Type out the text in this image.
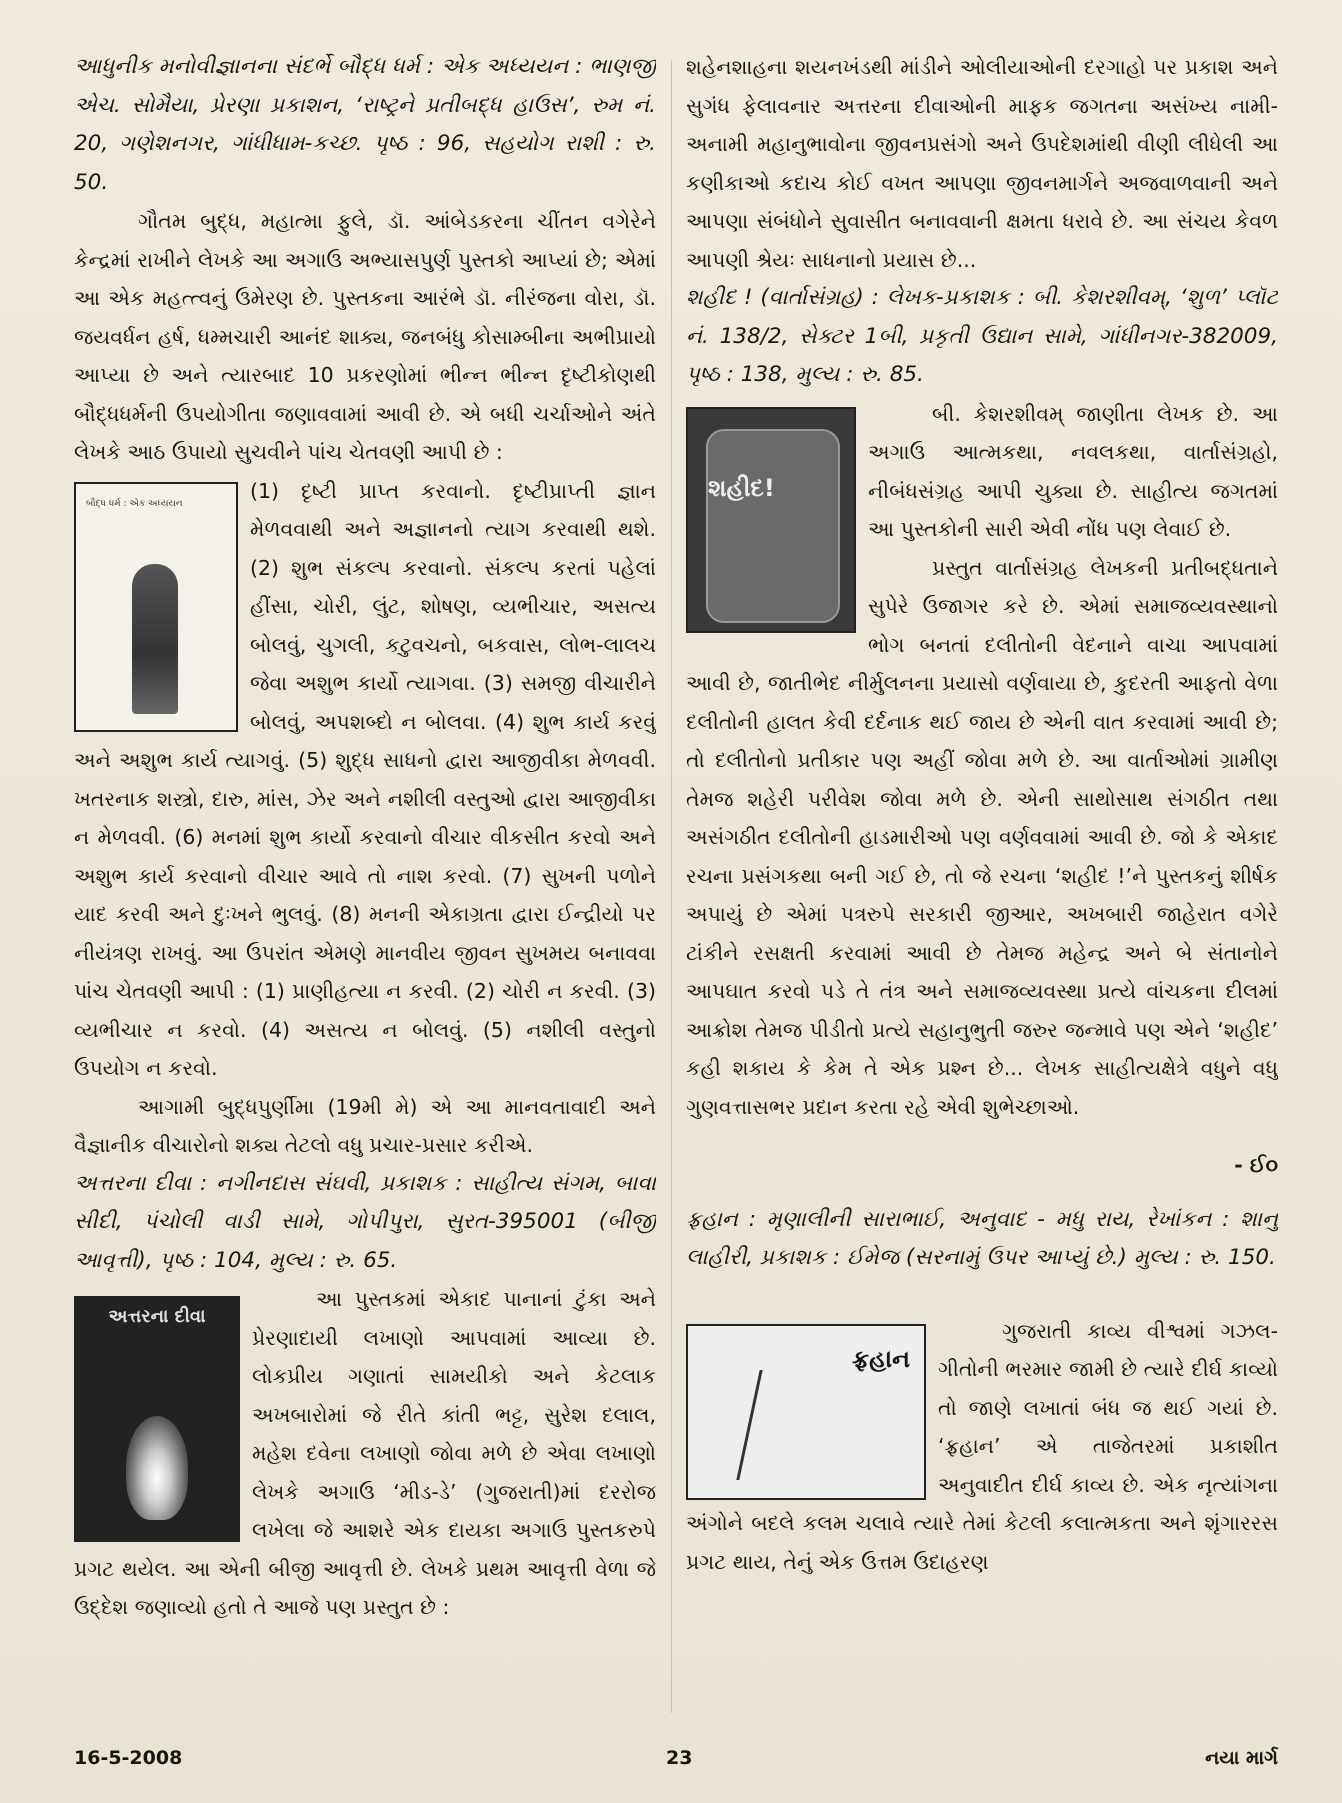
આધુનીક મનોવીજ્ઞાનના સંદર્ભે બૌદ્ધ ધર્મ : એક અધ્યયન : ભાણજી એચ. સોમૈયા, પ્રેરણા પ્રકાશન, ‘રાષ્ટ્રને પ્રતીબદ્ધ હાઉસ’, રુમ નં. 20, ગણેશનગર, ગાંધીધામ-કચ્છ. પૃષ્ઠ : 96, સહયોગ રાશી : રુ. 50.

ગૌતમ બુદ્ધ, મહાત્મા ફુલે, ડૉ. આંબેડકરના ચીંતન વગેરેને કેન્દ્રમાં રાખીને લેખકે આ અગાઉ અભ્યાસપુર્ણ પુસ્તકો આપ્યાં છે; એમાં આ એક મહત્ત્વનું ઉમેરણ છે. પુસ્તકના આરંભે ડૉ. નીરંજના વોરા, ડૉ. જયવર્ધન હર્ષ, ધમ્મચારી આનંદ શાક્ય, જનબંધુ કોસામ્બીના અભીપ્રાયો આપ્યા છે અને ત્યારબાદ 10 પ્રકરણોમાં ભીન્ન ભીન્ન દૃષ્ટીકોણથી બૌદ્ધધર્મની ઉપયોગીતા જણાવવામાં આવી છે. એ બધી ચર્ચાઓને અંતે લેખકે આઠ ઉપાયો સુચવીને પાંચ ચેતવણી આપી છે :

બૌદ્ધ ધર્મ : એક અધ્યયન

(1) દૃષ્ટી પ્રાપ્ત કરવાનો. દૃષ્ટીપ્રાપ્તી જ્ઞાન મેળવવાથી અને અજ્ઞાનનો ત્યાગ કરવાથી થશે. (2) શુભ સંકલ્પ કરવાનો. સંકલ્પ કરતાં પહેલાં હીંસા, ચોરી, લુંટ, શોષણ, વ્યભીચાર, અસત્ય બોલવું, ચુગલી, કટુવચનો, બકવાસ, લોભ-લાલચ જેવા અશુભ કાર્યો ત્યાગવા. (3) સમજી વીચારીને બોલવું, અપશબ્દો ન બોલવા. (4) શુભ કાર્ય કરવું અને અશુભ કાર્ય ત્યાગવું. (5) શુદ્ધ સાધનો દ્વારા આજીવીકા મેળવવી. ખતરનાક શસ્ત્રો, દારુ, માંસ, ઝેર અને નશીલી વસ્તુઓ દ્વારા આજીવીકા ન મેળવવી. (6) મનમાં શુભ કાર્યો કરવાનો વીચાર વીકસીત કરવો અને અશુભ કાર્ય કરવાનો વીચાર આવે તો નાશ કરવો. (7) સુખની પળોને યાદ કરવી અને દુઃખને ભુલવું. (8) મનની એકાગ્રતા દ્વારા ઈન્દ્રીયો પર નીયંત્રણ રાખવું. આ ઉપરાંત એમણે માનવીય જીવન સુખમય બનાવવા પાંચ ચેતવણી આપી : (1) પ્રાણીહત્યા ન કરવી. (2) ચોરી ન કરવી. (3) વ્યભીચાર ન કરવો. (4) અસત્ય ન બોલવું. (5) નશીલી વસ્તુનો ઉપયોગ ન કરવો.

આગામી બુદ્ધપુર્ણીમા (19મી મે) એ આ માનવતાવાદી અને વૈજ્ઞાનીક વીચારોનો શક્ય તેટલો વધુ પ્રચાર-પ્રસાર કરીએ.

અત્તરના દીવા : નગીનદાસ સંઘવી, પ્રકાશક : સાહીત્ય સંગમ, બાવા સીદી, પંચોલી વાડી સામે, ગોપીપુરા, સુરત-395001 (બીજી આવૃત્તી), પૃષ્ઠ : 104, મુલ્ય : રુ. 65.

અત્તરના દીવા

આ પુસ્તકમાં એકાદ પાનાનાં ટુંકા અને પ્રેરણાદાયી લખાણો આપવામાં આવ્યા છે. લોકપ્રીય ગણાતાં સામયીકો અને કેટલાક અખબારોમાં જે રીતે કાંતી ભટ્ટ, સુરેશ દલાલ, મહેશ દવેના લખાણો જોવા મળે છે એવા લખાણો લેખકે અગાઉ ‘મીડ-ડે’ (ગુજરાતી)માં દરરોજ લખેલા જે આશરે એક દાયકા અગાઉ પુસ્તકરુપે પ્રગટ થયેલ. આ એની બીજી આવૃત્તી છે. લેખકે પ્રથમ આવૃત્તી વેળા જે ઉદ્દેશ જણાવ્યો હતો તે આજે પણ પ્રસ્તુત છે :

શહેનશાહના શયનખંડથી માંડીને ઓલીયાઓની દરગાહો પર પ્રકાશ અને સુગંધ ફેલાવનાર અત્તરના દીવાઓની માફક જગતના અસંખ્ય નામી-અનામી મહાનુભાવોના જીવનપ્રસંગો અને ઉપદેશમાંથી વીણી લીધેલી આ કણીકાઓ કદાચ કોઈ વખત આપણા જીવનમાર્ગને અજવાળવાની અને આપણા સંબંધોને સુવાસીત બનાવવાની ક્ષમતા ધરાવે છે. આ સંચય કેવળ આપણી શ્રેયઃ સાધનાનો પ્રયાસ છે...

શહીદ ! (વાર્તાસંગ્રહ) : લેખક-પ્રકાશક : બી. કેશરશીવમ્, ‘શુળ’ પ્લૉટ નં. 138/2, સેક્ટર 1બી, પ્રકૃતી ઉદ્યાન સામે, ગાંધીનગર-382009, પૃષ્ઠ : 138, મુલ્ય : રુ. 85.

શહીદ!

બી. કેશરશીવમ્ જાણીતા લેખક છે. આ અગાઉ આત્મકથા, નવલકથા, વાર્તાસંગ્રહો, નીબંધસંગ્રહ આપી ચુક્યા છે. સાહીત્ય જગતમાં આ પુસ્તકોની સારી એવી નોંધ પણ લેવાઈ છે.

પ્રસ્તુત વાર્તાસંગ્રહ લેખકની પ્રતીબદ્ધતાને સુપેરે ઉજાગર કરે છે. એમાં સમાજવ્યવસ્થાનો ભોગ બનતાં દલીતોની વેદનાને વાચા આપવામાં આવી છે, જાતીભેદ નીર્મુલનના પ્રયાસો વર્ણવાયા છે, કુદરતી આફતો વેળા દલીતોની હાલત કેવી દર્દનાક થઈ જાય છે એની વાત કરવામાં આવી છે; તો દલીતોનો પ્રતીકાર પણ અહીં જોવા મળે છે. આ વાર્તાઓમાં ગ્રામીણ તેમજ શહેરી પરીવેશ જોવા મળે છે. એની સાથોસાથ સંગઠીત તથા અસંગઠીત દલીતોની હાડમારીઓ પણ વર્ણવવામાં આવી છે. જો કે એકાદ રચના પ્રસંગકથા બની ગઈ છે, તો જે રચના ‘શહીદ !’ને પુસ્તકનું શીર્ષક અપાયું છે એમાં પત્રરુપે સરકારી જીઆર, અખબારી જાહેરાત વગેરે ટાંકીને રસક્ષતી કરવામાં આવી છે તેમજ મહેન્દ્ર અને બે સંતાનોને આપઘાત કરવો પડે તે તંત્ર અને સમાજવ્યવસ્થા પ્રત્યે વાંચકના દીલમાં આક્રોશ તેમજ પીડીતો પ્રત્યે સહાનુભુતી જરુર જન્માવે પણ એને ‘શહીદ’ કહી શકાય કે કેમ તે એક પ્રશ્ન છે... લેખક સાહીત્યક્ષેત્રે વધુને વધુ ગુણવત્તાસભર પ્રદાન કરતા રહે એવી શુભેચ્છાઓ.

- ઈ૦

ફ્રહાન : મૃણાલીની સારાભાઈ, અનુવાદ - મધુ રાય, રેખાંકન : શાનુ લાહીરી, પ્રકાશક : ઈમેજ (સરનામું ઉપર આપ્યું છે.) મુલ્ય : રુ. 150.

ફ્રહાન

ગુજરાતી કાવ્ય વીશ્વમાં ગઝલ-ગીતોની ભરમાર જામી છે ત્યારે દીર્ઘ કાવ્યો તો જાણે લખાતાં બંધ જ થઈ ગયાં છે. ‘ફ્રહાન’ એ તાજેતરમાં પ્રકાશીત અનુવાદીત દીર્ઘ કાવ્ય છે. એક નૃત્યાંગના અંગોને બદલે કલમ ચલાવે ત્યારે તેમાં કેટલી કલાત્મકતા અને શૃંગારરસ પ્રગટ થાય, તેનું એક ઉત્તમ ઉદાહરણ

16-5-2008	23	નયા માર્ગ
